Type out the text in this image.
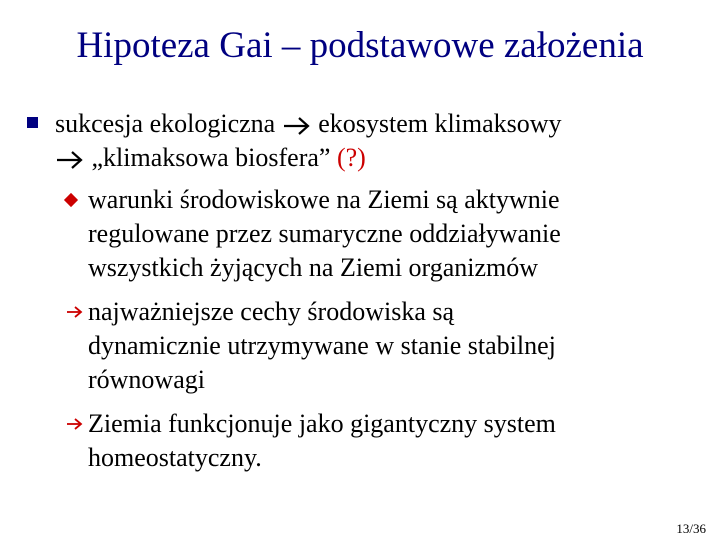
Hipoteza Gai – podstawowe założenia
sukcesja ekologiczna ekosystem klimaksowy
„klimaksowa biosfera” (?)
warunki środowiskowe na Ziemi są aktywnie
regulowane przez sumaryczne oddziaływanie
wszystkich żyjących na Ziemi organizmów
najważniejsze cechy środowiska są
dynamicznie utrzymywane w stanie stabilnej
równowagi
Ziemia funkcjonuje jako gigantyczny system
homeostatyczny.
13/36
